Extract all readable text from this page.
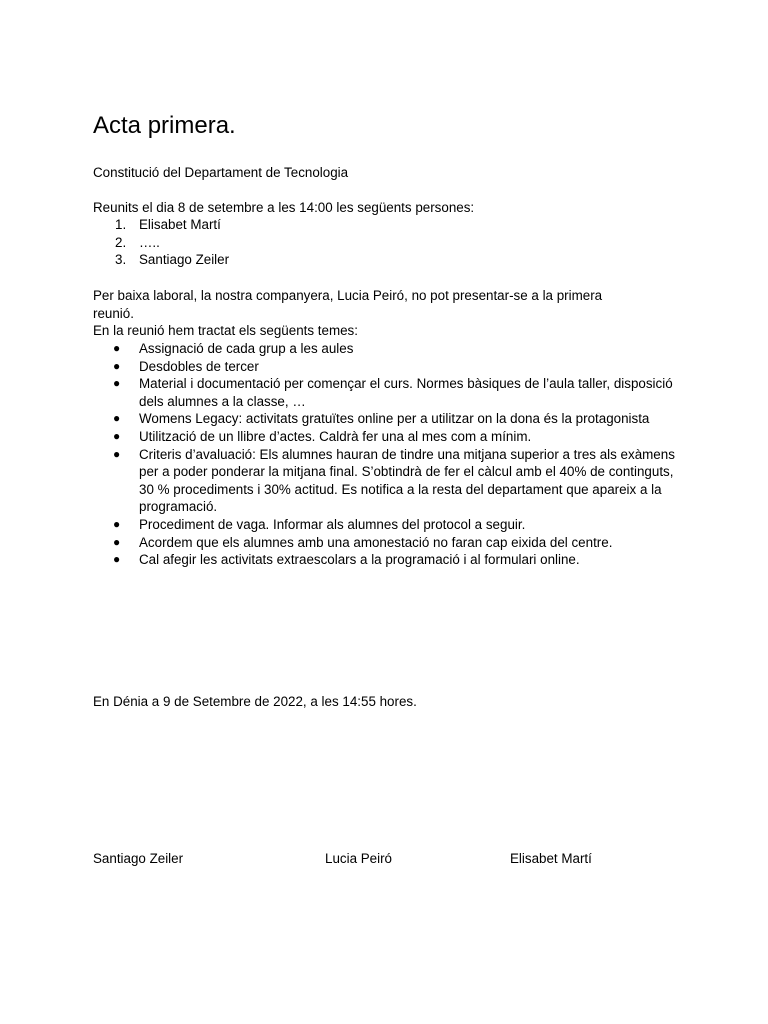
Acta primera.

Constitució del Departament de Tecnologia

Reunits el dia 8 de setembre a les 14:00 les següents persones:

1. Elisabet Martí
2. …..
3. Santiago Zeiler

Per baixa laboral, la nostra companyera, Lucia Peiró, no pot presentar-se a la primera

reunió.

En la reunió hem tractat els següents temes:

● Assignació de cada grup a les aules
● Desdobles de tercer
● Material i documentació per començar el curs. Normes bàsiques de l’aula taller, disposició dels alumnes a la classe, …
● Womens Legacy: activitats gratuïtes online per a utilitzar on la dona és la protagonista
● Utilització de un llibre d’actes. Caldrà fer una al mes com a mínim.
● Criteris d’avaluació: Els alumnes hauran de tindre una mitjana superior a tres als exàmens per a poder ponderar la mitjana final. S’obtindrà de fer el càlcul amb el 40% de continguts, 30 % procediments i 30% actitud. Es notifica a la resta del departament que apareix a la programació.
● Procediment de vaga. Informar als alumnes del protocol a seguir.
● Acordem que els alumnes amb una amonestació no faran cap eixida del centre.
● Cal afegir les activitats extraescolars a la programació i al formulari online.

En Dénia a 9 de Setembre de 2022, a les 14:55 hores.

Santiago Zeiler	Lucia Peiró	Elisabet Martí
